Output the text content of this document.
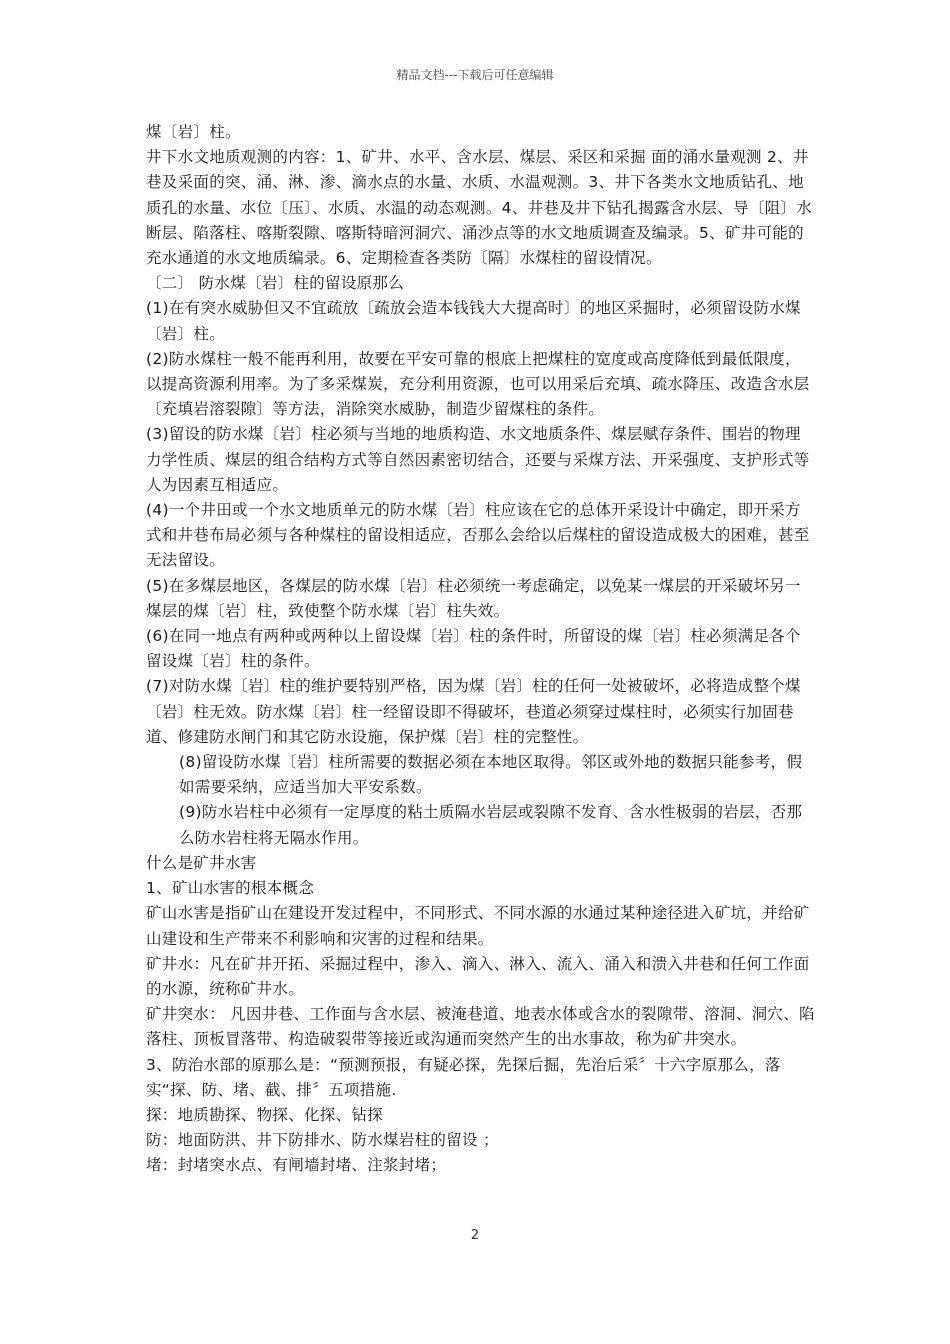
精品文档---下载后可任意编辑

煤〔岩〕柱。

井下水文地质观测的内容：1、矿井、水平、含水层、煤层、采区和采掘 面的涌水量观测 2、井巷及采面的突、涌、淋、渗、滴水点的水量、水质、水温观测。3、井下各类水文地质钻孔、地质孔的水量、水位〔压〕、水质、水温的动态观测。4、井巷及井下钻孔揭露含水层、导〔阻〕水断层、陷落柱、喀斯裂隙、喀斯特暗河洞穴、涌沙点等的水文地质调查及编录。5、矿井可能的充水通道的水文地质编录。6、定期检查各类防〔隔〕水煤柱的留设情况。

〔二〕 防水煤〔岩〕柱的留设原那么

(1)在有突水威胁但又不宜疏放〔疏放会造本钱钱大大提高时〕的地区采掘时，必须留设防水煤〔岩〕柱。

(2)防水煤柱一般不能再利用，故要在平安可靠的根底上把煤柱的宽度或高度降低到最低限度，以提高资源利用率。为了多采煤炭，充分利用资源，也可以用采后充填、疏水降压、改造含水层〔充填岩溶裂隙〕等方法，消除突水威胁，制造少留煤柱的条件。

(3)留设的防水煤〔岩〕柱必须与当地的地质构造、水文地质条件、煤层赋存条件、围岩的物理力学性质、煤层的组合结构方式等自然因素密切结合，还要与采煤方法、开采强度、支护形式等人为因素互相适应。

(4)一个井田或一个水文地质单元的防水煤〔岩〕柱应该在它的总体开采设计中确定，即开采方式和井巷布局必须与各种煤柱的留设相适应，否那么会给以后煤柱的留设造成极大的困难，甚至无法留设。

(5)在多煤层地区，各煤层的防水煤〔岩〕柱必须统一考虑确定，以免某一煤层的开采破坏另一煤层的煤〔岩〕柱，致使整个防水煤〔岩〕柱失效。

(6)在同一地点有两种或两种以上留设煤〔岩〕柱的条件时，所留设的煤〔岩〕柱必须满足各个留设煤〔岩〕柱的条件。

(7)对防水煤〔岩〕柱的维护要特别严格，因为煤〔岩〕柱的任何一处被破坏，必将造成整个煤〔岩〕柱无效。防水煤〔岩〕柱一经留设即不得破坏，巷道必须穿过煤柱时，必须实行加固巷道、修建防水闸门和其它防水设施，保护煤〔岩〕柱的完整性。

(8)留设防水煤〔岩〕柱所需要的数据必须在本地区取得。邻区或外地的数据只能参考，假如需要采纳，应适当加大平安系数。

(9)防水岩柱中必须有一定厚度的粘土质隔水岩层或裂隙不发育、含水性极弱的岩层，否那么防水岩柱将无隔水作用。

什么是矿井水害

1、矿山水害的根本概念

矿山水害是指矿山在建设开发过程中，不同形式、不同水源的水通过某种途径进入矿坑，并给矿山建设和生产带来不利影响和灾害的过程和结果。

矿井水：凡在矿井开拓、采掘过程中，渗入、滴入、淋入、流入、涌入和溃入井巷和任何工作面的水源，统称矿井水。

矿井突水： 凡因井巷、工作面与含水层、被淹巷道、地表水体或含水的裂隙带、溶洞、洞穴、陷落柱、顶板冒落带、构造破裂带等接近或沟通而突然产生的出水事故，称为矿井突水。

3、防治水部的原那么是：“预测预报，有疑必探，先探后掘，先治后采〞十六字原那么，落实“探、防、堵、截、排〞五项措施.

探：地质勘探、物探、化探、钻探

防：地面防洪、井下防排水、防水煤岩柱的留设 ；

堵：封堵突水点、有闸墙封堵、注浆封堵；

2
